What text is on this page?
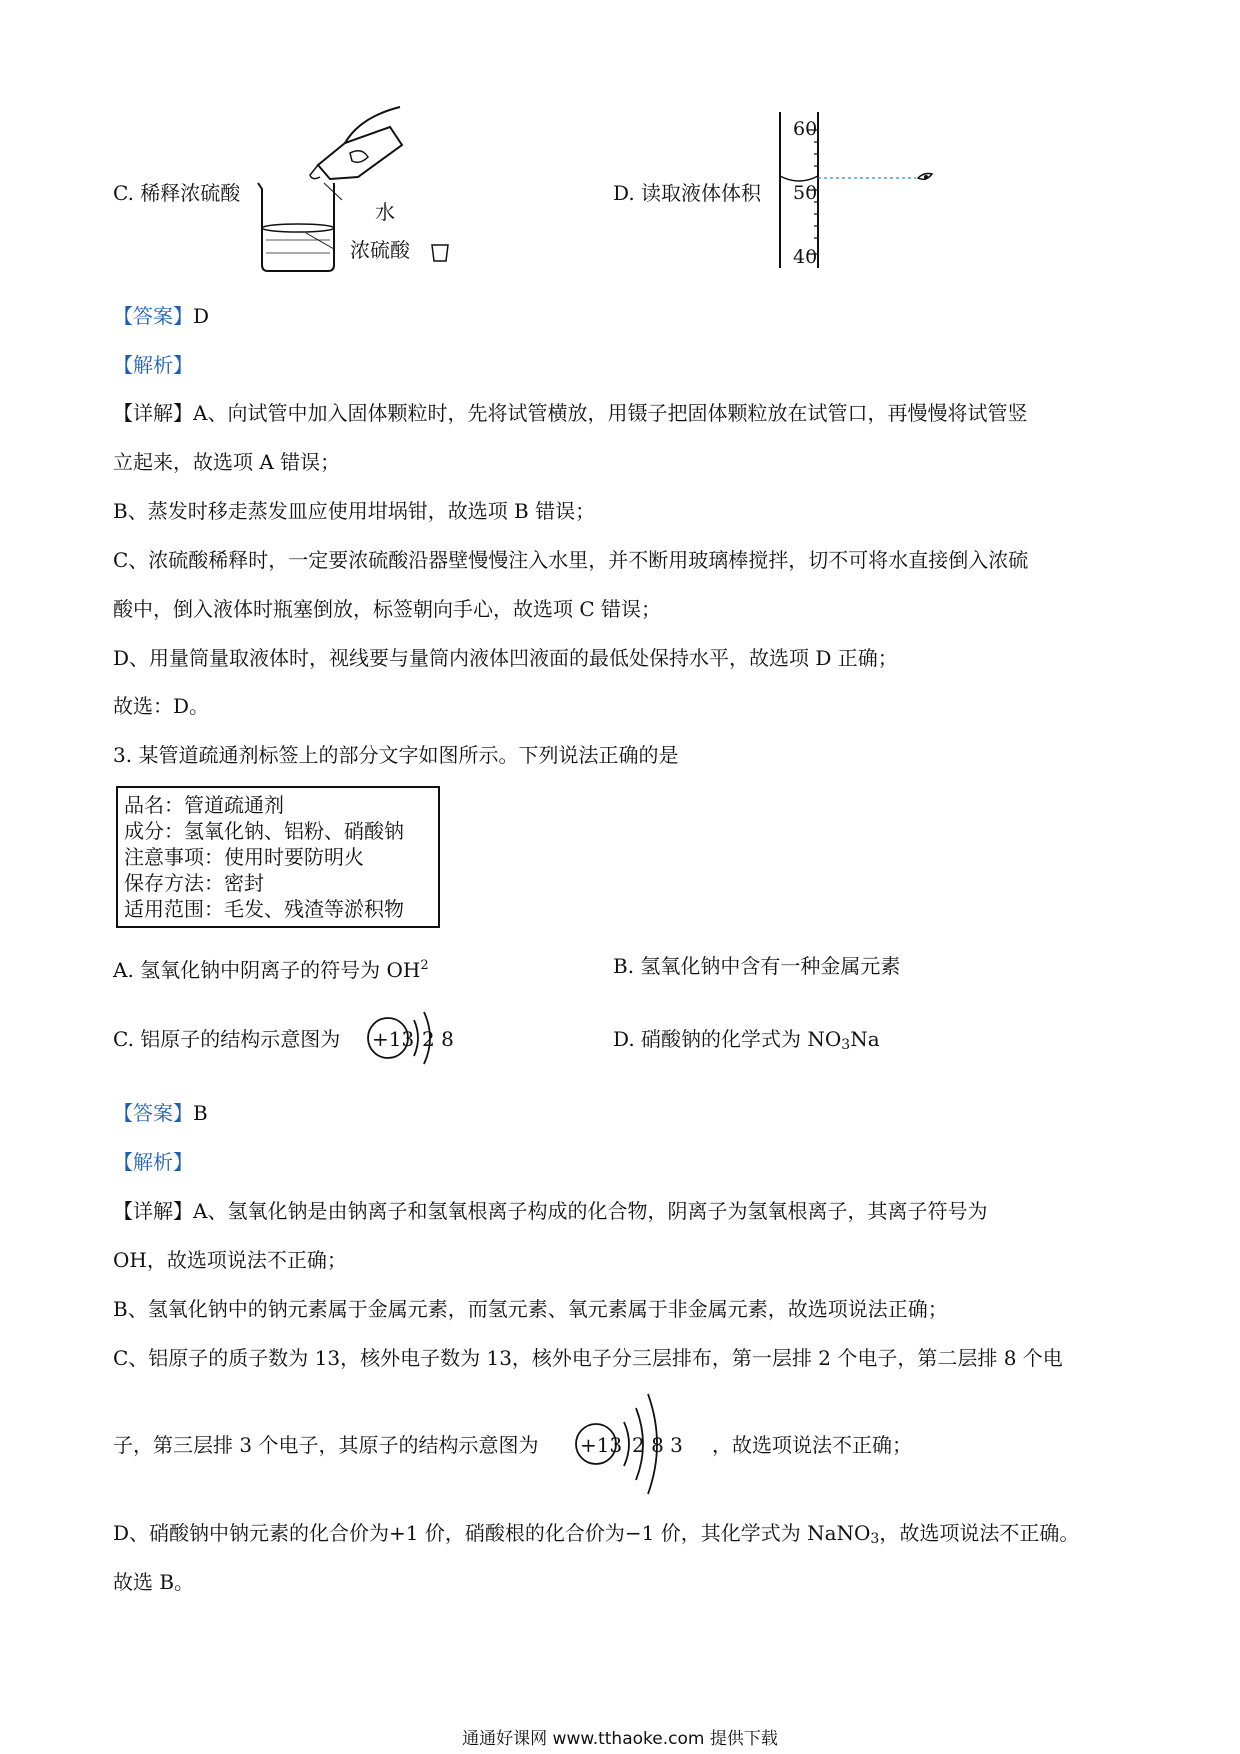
C. 稀释浓硫酸
水
浓硫酸
D. 读取液体体积
60
50
40
【答案】D
【解析】
【详解】A、向试管中加入固体颗粒时，先将试管横放，用镊子把固体颗粒放在试管口，再慢慢将试管竖
立起来，故选项 A 错误；
B、蒸发时移走蒸发皿应使用坩埚钳，故选项 B 错误；
C、浓硫酸稀释时，一定要浓硫酸沿器壁慢慢注入水里，并不断用玻璃棒搅拌，切不可将水直接倒入浓硫
酸中，倒入液体时瓶塞倒放，标签朝向手心，故选项 C 错误；
D、用量筒量取液体时，视线要与量筒内液体凹液面的最低处保持水平，故选项 D 正确；
故选：D。
3. 某管道疏通剂标签上的部分文字如图所示。下列说法正确的是
品名：管道疏通剂
成分：氢氧化钠、铝粉、硝酸钠
注意事项：使用时要防明火
保存方法：密封
适用范围：毛发、残渣等淤积物
A. 氢氧化钠中阴离子的符号为 $OH^2$	B. 氢氧化钠中含有一种金属元素
C. 铝原子的结构示意图为 +13 2 8	D. 硝酸钠的化学式为 $NO_3Na$
【答案】B
【解析】
【详解】A、氢氧化钠是由钠离子和氢氧根离子构成的化合物，阴离子为氢氧根离子，其离子符号为
OH，故选项说法不正确；
B、氢氧化钠中的钠元素属于金属元素，而氢元素、氧元素属于非金属元素，故选项说法正确；
C、铝原子的质子数为 13，核外电子数为 13，核外电子分三层排布，第一层排 2 个电子，第二层排 8 个电
子，第三层排 3 个电子，其原子的结构示意图为 +13 2 8 3 ，故选项说法不正确；
D、硝酸钠中钠元素的化合价为+1 价，硝酸根的化合价为−1 价，其化学式为 NaNO$_3$，故选项说法不正确。
故选 B。
通通好课网 www.tthaoke.com 提供下载
